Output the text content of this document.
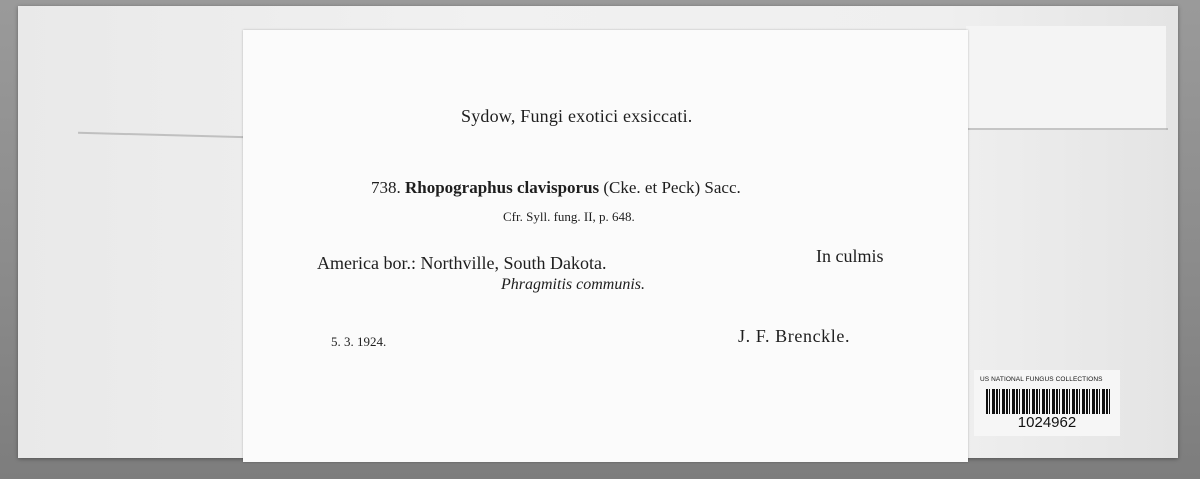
Sydow, Fungi exotici exsiccati.
738. Rhopographus clavisporus (Cke. et Peck) Sacc.
Cfr. Syll. fung. II, p. 648.
America bor.: Northville, South Dakota.	In culmis
Phragmitis communis.
5. 3. 1924.	J. F. Brenckle.
US NATIONAL FUNGUS COLLECTIONS
1024962
